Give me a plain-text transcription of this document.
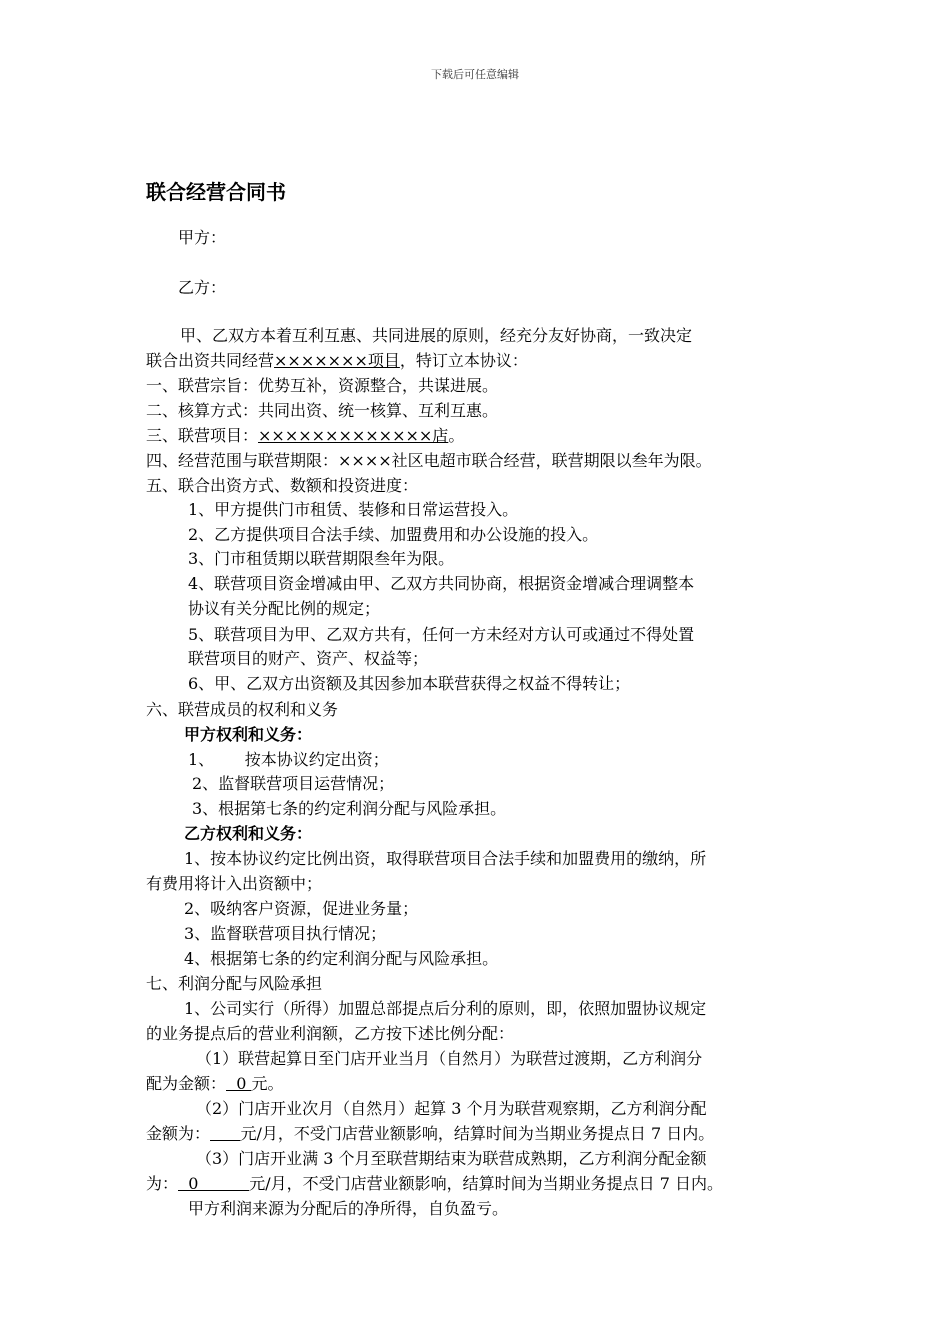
下载后可任意编辑
联合经营合同书
甲方：
乙方：
甲、乙双方本着互利互惠、共同进展的原则，经充分友好协商，一致决定
联合出资共同经营×××××××项目，特订立本协议：
一、联营宗旨：优势互补，资源整合，共谋进展。
二、核算方式：共同出资、统一核算、互利互惠。
三、联营项目：×××××××××××××店。
四、经营范围与联营期限：××××社区电超市联合经营，联营期限以叁年为限。
五、联合出资方式、数额和投资进度：
1、甲方提供门市租赁、装修和日常运营投入。
2、乙方提供项目合法手续、加盟费用和办公设施的投入。
3、门市租赁期以联营期限叁年为限。
4、联营项目资金增减由甲、乙双方共同协商，根据资金增减合理调整本
协议有关分配比例的规定；
5、联营项目为甲、乙双方共有，任何一方未经对方认可或通过不得处置
联营项目的财产、资产、权益等；
6、甲、乙双方出资额及其因参加本联营获得之权益不得转让；
六、联营成员的权利和义务
甲方权利和义务：
1、      按本协议约定出资；
2、监督联营项目运营情况；
3、根据第七条的约定利润分配与风险承担。
乙方权利和义务：
1、按本协议约定比例出资，取得联营项目合法手续和加盟费用的缴纳，所
有费用将计入出资额中；
2、吸纳客户资源，促进业务量；
3、监督联营项目执行情况；
4、根据第七条的约定利润分配与风险承担。
七、利润分配与风险承担
1、公司实行（所得）加盟总部提点后分利的原则，即，依照加盟协议规定
的业务提点后的营业利润额，乙方按下述比例分配：
（1）联营起算日至门店开业当月（自然月）为联营过渡期，乙方利润分
配为金额：  0 元。
（2）门店开业次月（自然月）起算 3 个月为联营观察期，乙方利润分配
金额为： 元/月，不受门店营业额影响，结算时间为当期业务提点日 7 日内。
（3）门店开业满 3 个月至联营期结束为联营成熟期，乙方利润分配金额
为：  0          元/月，不受门店营业额影响，结算时间为当期业务提点日 7 日内。
甲方利润来源为分配后的净所得，自负盈亏。
